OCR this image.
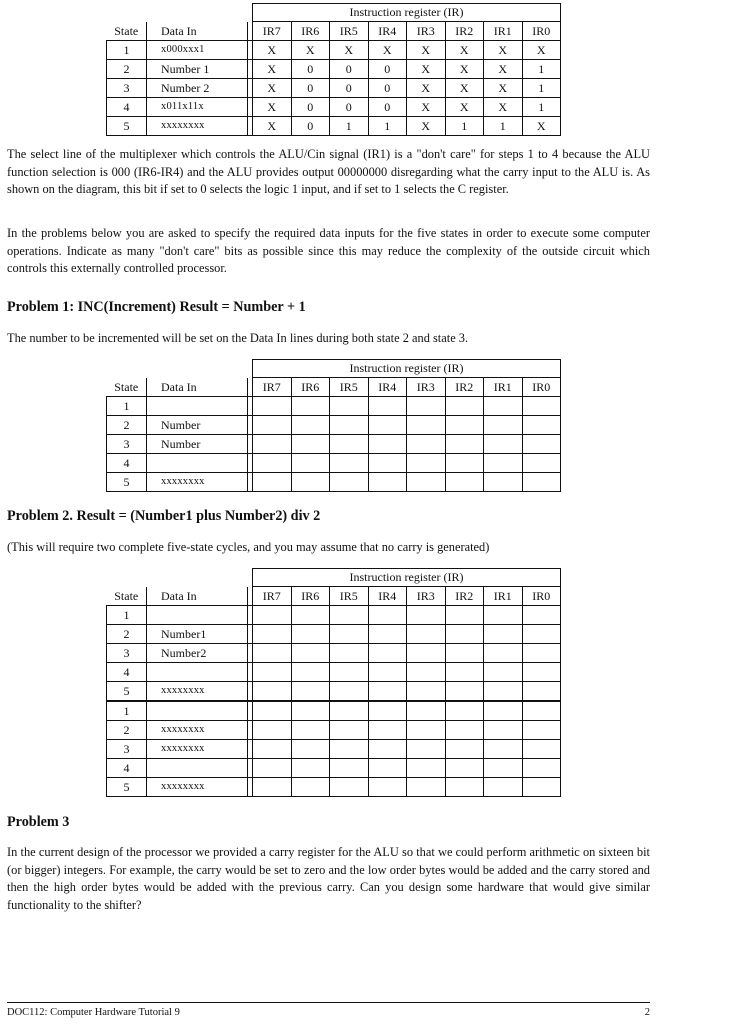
			Instruction register (IR)							
State	Data In		IR7	IR6	IR5	IR4	IR3	IR2	IR1	IR0
1	x000xxx1		X	X	X	X	X	X	X	X
2	Number 1		X	0	0	0	X	X	X	1
3	Number 2		X	0	0	0	X	X	X	1
4	x011x11x		X	0	0	0	X	X	X	1
5	xxxxxxxx		X	0	1	1	X	1	1	X

The select line of the multiplexer which controls the ALU/Cin signal (IR1) is a "don't care" for steps 1 to 4 because the ALU function selection is 000 (IR6-IR4) and the ALU provides output 00000000 disregarding what the carry input to the ALU is. As shown on the diagram, this bit if set to 0 selects the logic 1 input, and if set to 1 selects the C register.

In the problems below you are asked to specify the required data inputs for the five states in order to execute some computer operations. Indicate as many "don't care" bits as possible since this may reduce the complexity of the outside circuit which controls this externally controlled processor.

Problem 1: INC(Increment) Result = Number + 1

The number to be incremented will be set on the Data In lines during both state 2 and state 3.

			Instruction register (IR)							
State	Data In		IR7	IR6	IR5	IR4	IR3	IR2	IR1	IR0
1										
2	Number									
3	Number									
4										
5	xxxxxxxx									
Problem 2. Result = (Number1 plus Number2) div 2

(This will require two complete five-state cycles, and you may assume that no carry is generated)

			Instruction register (IR)							
State	Data In		IR7	IR6	IR5	IR4	IR3	IR2	IR1	IR0
1										
2	Number1									
3	Number2									
4										
5	xxxxxxxx									
1										
2	xxxxxxxx									
3	xxxxxxxx									
4										
5	xxxxxxxx									
Problem 3

In the current design of the processor we provided a carry register for the ALU so that we could perform arithmetic on sixteen bit (or bigger) integers. For example, the carry would be set to zero and the low order bytes would be added and the carry stored and then the high order bytes would be added with the previous carry. Can you design some hardware that would give similar functionality to the shifter?

DOC112: Computer Hardware Tutorial 9	2
